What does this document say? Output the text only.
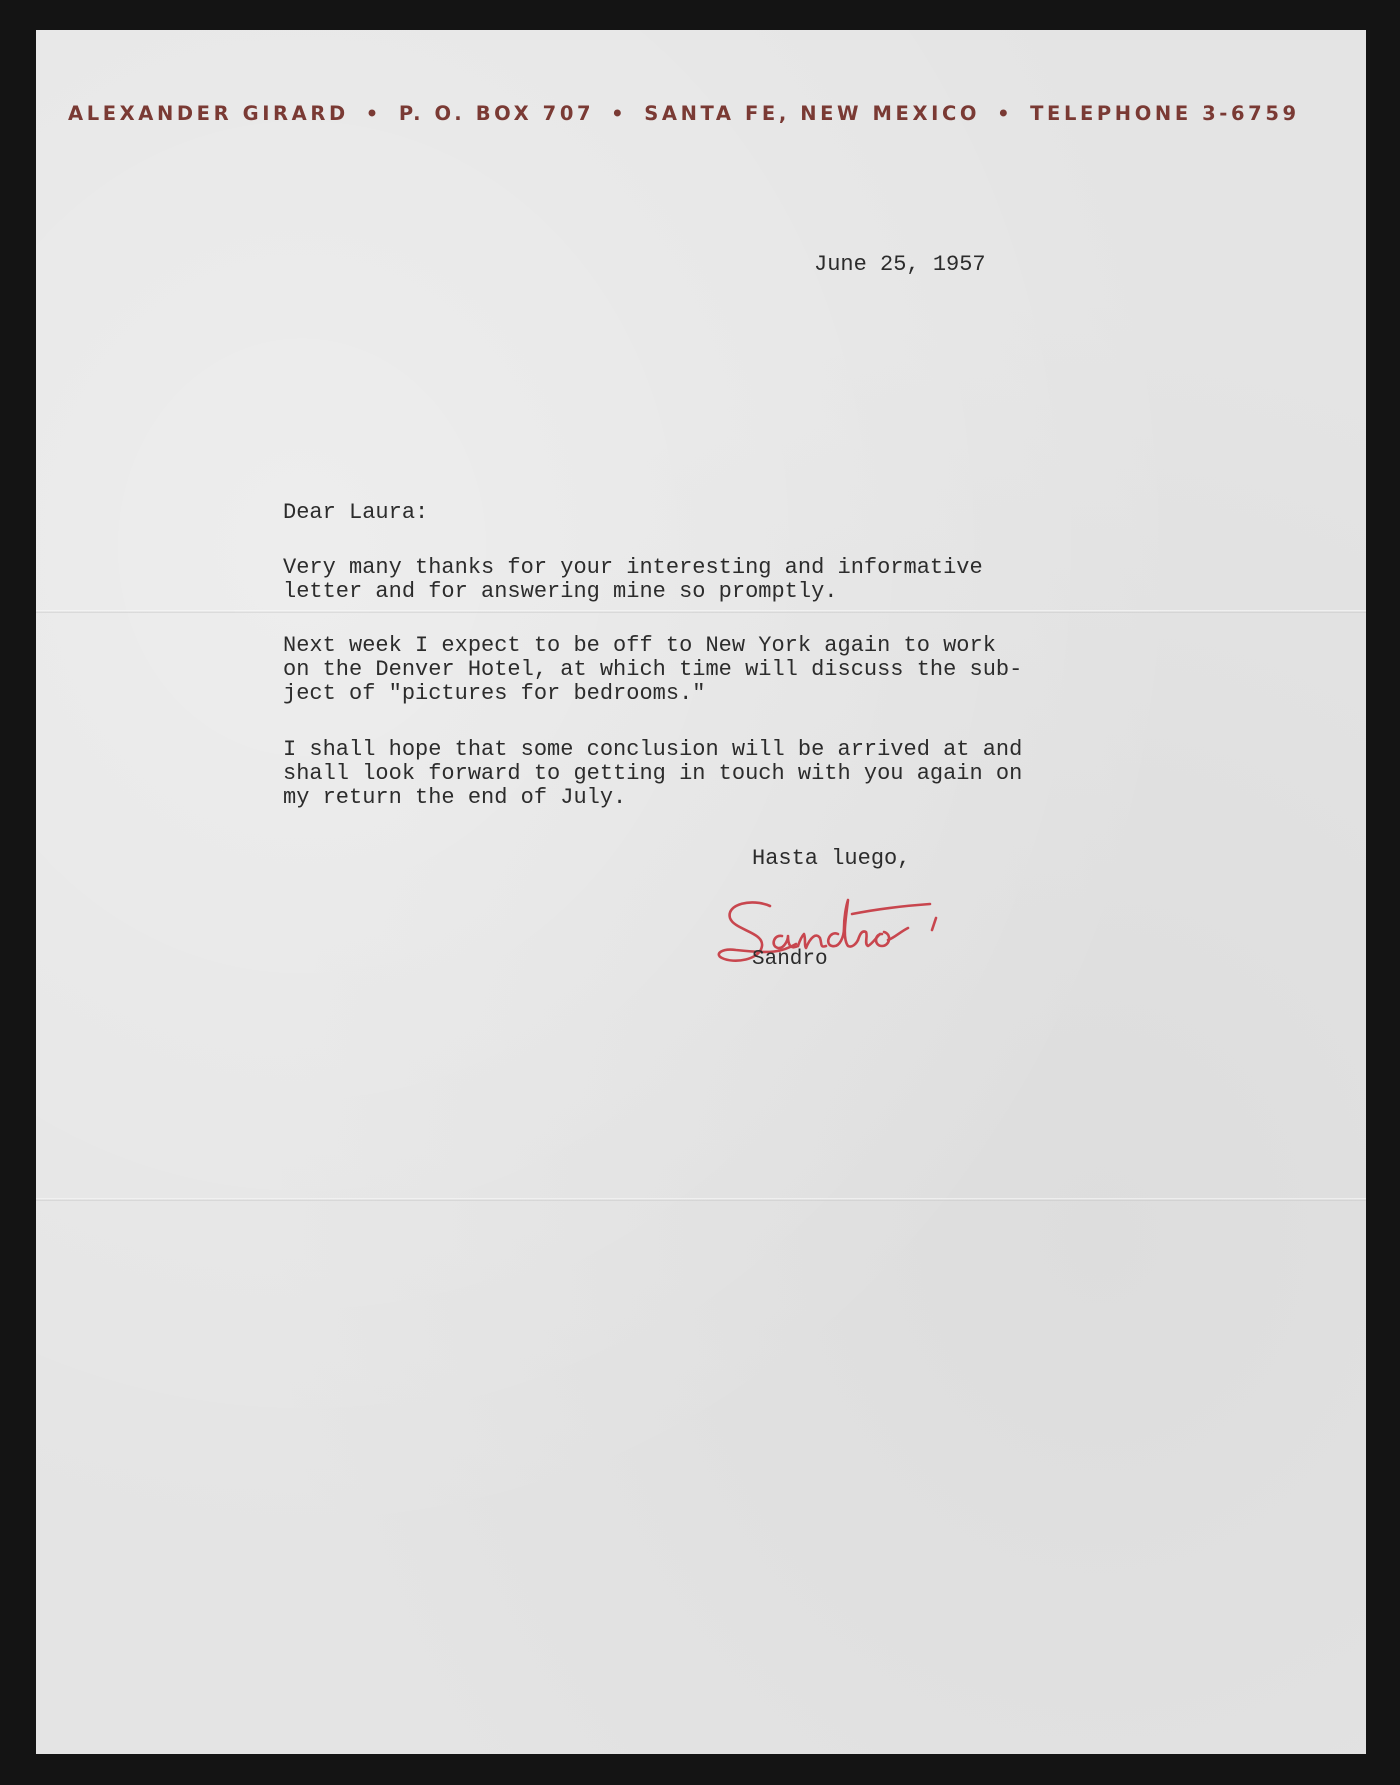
ALEXANDER GIRARD • P. O. BOX 707 • SANTA FE, NEW MEXICO • TELEPHONE 3-6759
June 25, 1957
Dear Laura:
Very many thanks for your interesting and informative
letter and for answering mine so promptly.
Next week I expect to be off to New York again to work
on the Denver Hotel, at which time will discuss the sub-
ject of "pictures for bedrooms."
I shall hope that some conclusion will be arrived at and
shall look forward to getting in touch with you again on
my return the end of July.
Hasta luego,
Sandro
